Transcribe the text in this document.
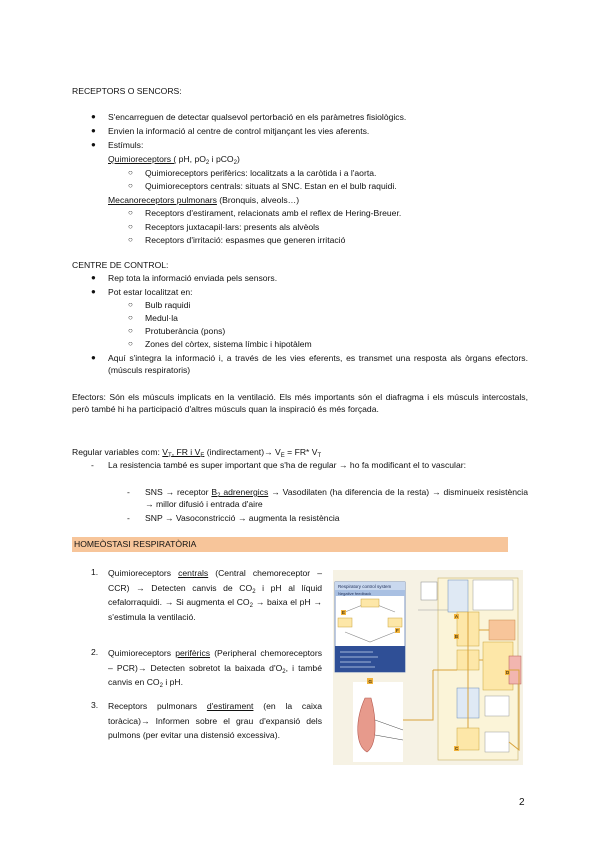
RECEPTORS O SENCORS:
● S'encarreguen de detectar qualsevol pertorbació en els paràmetres fisiològics.
● Envien la informació al centre de control mitjançant les vies aferents.
● Estímuls:
Quimioreceptors ( pH, $pO_2$ i pCO$_2$)
○ Quimioreceptors perifèrics: localitzats a la caròtida i a l'aorta.
○ Quimioreceptors centrals: situats al SNC. Estan en el bulb raquidi.
Mecanoreceptors pulmonars (Bronquis, alveols…)
○ Receptors d'estirament, relacionats amb el reflex de Hering-Breuer.
○ Receptors juxtacapil·lars: presents als alvèols
○ Receptors d'irritació: espasmes que generen irritació
CENTRE DE CONTROL:
● Rep tota la informació enviada pels sensors.
● Pot estar localitzat en:
○ Bulb raquidi
○ Medul·la
○ Protuberància (pons)
○ Zones del còrtex, sistema límbic i hipotàlem
● Aquí s'integra la informació i, a través de les vies eferents, es transmet una resposta als òrgans efectors.(músculs respiratoris)
Efectors: Són els músculs implicats en la ventilació. Els més importants són el diafragma i els músculs intercostals, però també hi ha participació d'altres músculs quan la inspiració és més forçada.
Regular variables com: $V_T$, FR i $V_E$ (indirectament)→ $V_E = FR*$ $V_T$
- La resistencia també es super important que s'ha de regular → ho fa modificant el to vascular:
- SNS → receptor $B_2$ adrenergics → Vasodilaten (ha diferencia de la resta) → disminueix resistència → millor difusió i entrada d'aire
- SNP → Vasoconstricció → augmenta la resistència
HOMEÒSTASI RESPIRATÒRIA
1. Quimioreceptors centrals (Central chemoreceptor – CCR) → Detecten canvis de $CO_2$ i pH al líquid cefalorraquidi. → Si augmenta el $CO_2$ → baixa el pH → s'estimula la ventilació.
2. Quimioreceptors perifèrics (Peripheral chemoreceptors – PCR)→ Detecten sobretot la baixada $d'O_2$, i també canvis en $CO_2$ i pH.
3. Receptors pulmonars d'estirament (en la caixa toràcica)→ Informen sobre el grau d'expansió dels pulmons (per evitar una distensió excessiva).
Respiratory control system
Negative feedback
G
A
B
C
D
E
F
2
